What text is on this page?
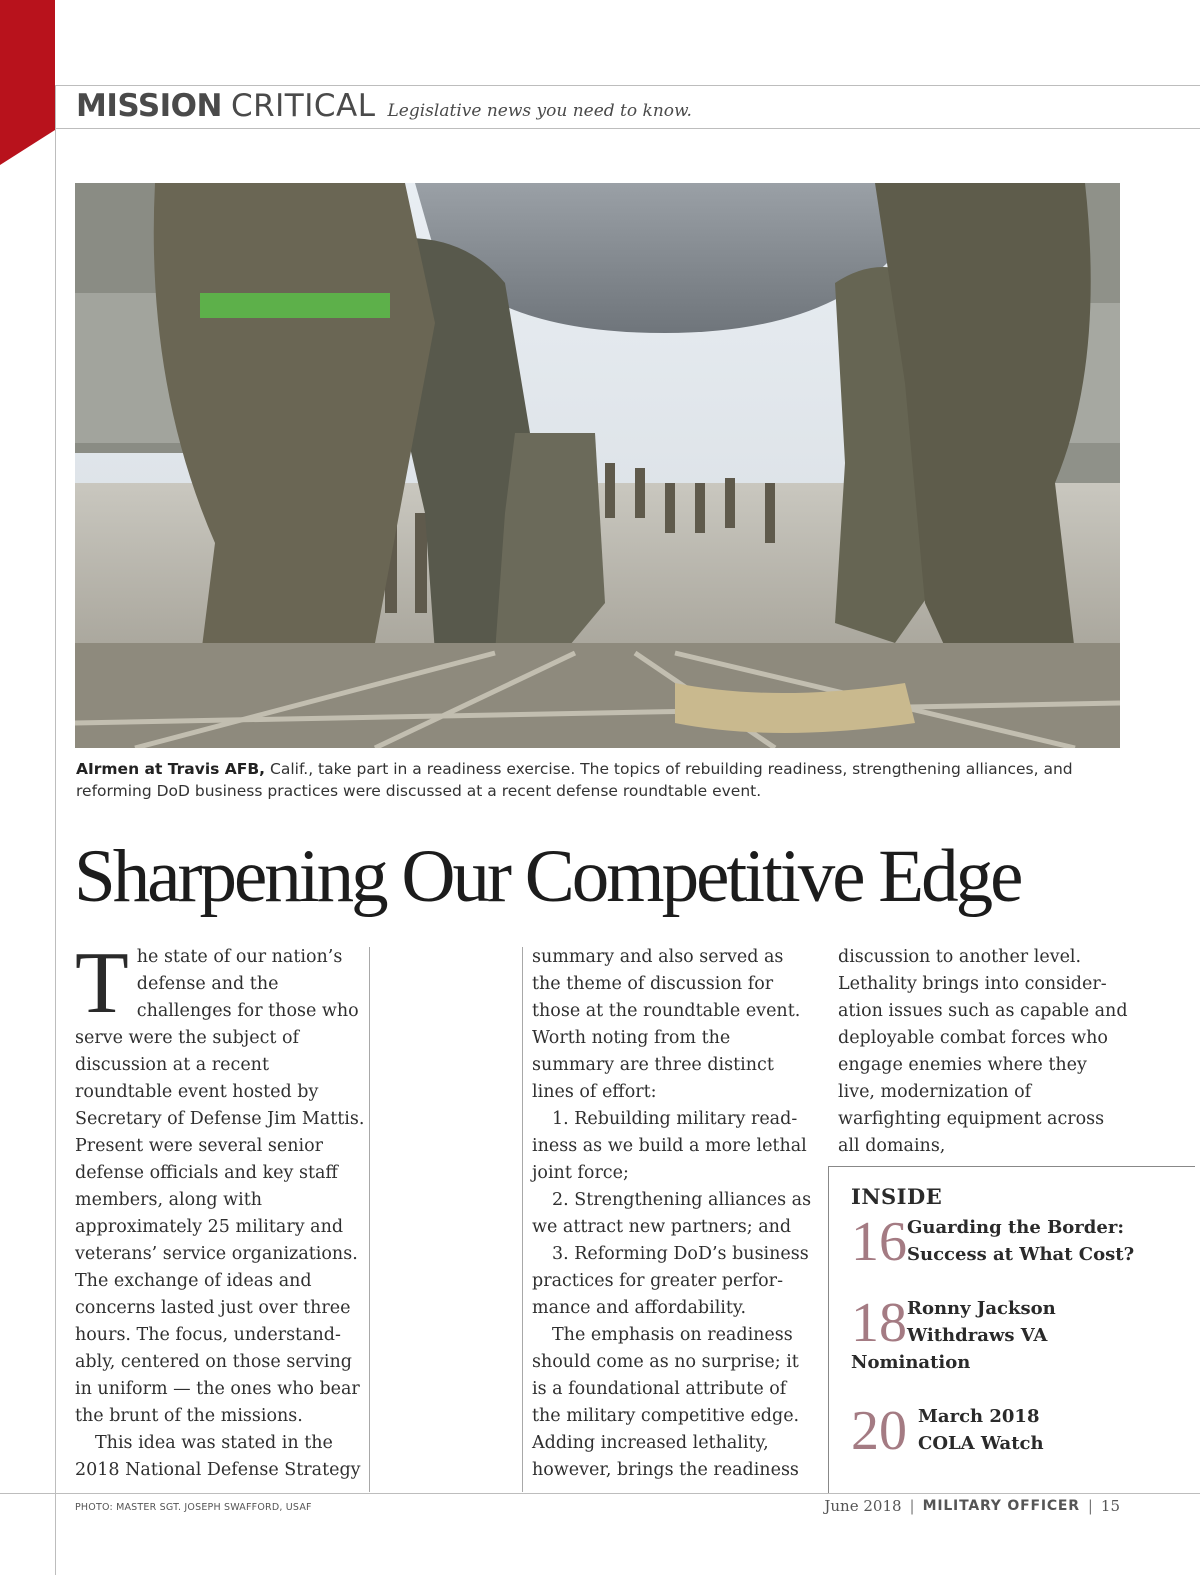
MISSION CRITICAL Legislative news you need to know.
AIrmen at Travis AFB, Calif., take part in a readiness exercise. The topics of rebuilding readiness, strengthening alliances, and reforming DoD business practices were discussed at a recent defense roundtable event.
Sharpening Our Competitive Edge

The state of our nation’s defense and the challenges for those who serve were the subject of discussion at a recent roundtable event hosted by Secretary of Defense Jim Mattis. Present were several senior defense officials and key staff members, along with approximately 25 military and veterans’ service organizations. The exchange of ideas and concerns lasted just over three hours. The focus, understandably, centered on those serving in uniform — the ones who bear the brunt of the missions.

This idea was stated in the 2018 National Defense Strategy

summary and also served as the theme of discussion for those at the roundtable event. Worth noting from the summary are three distinct lines of effort:

1. Rebuilding military readiness as we build a more lethal joint force;

2. Strengthening alliances as we attract new partners; and

3. Reforming DoD’s business practices for greater performance and affordability.

The emphasis on readiness should come as no surprise; it is a foundational attribute of the military competitive edge. Adding increased lethality, however, brings the readiness

discussion to another level. Lethality brings into consideration issues such as capable and deployable combat forces who engage enemies where they live, modernization of warfighting equipment across all domains,

INSIDE
16 Guarding the Border:
Success at What Cost?
18 Ronny Jackson
Withdraws VA
Nomination
20 March 2018
COLA Watch
PHOTO: MASTER SGT. JOSEPH SWAFFORD, USAF	June 2018 | MILITARY OFFICER | 15
